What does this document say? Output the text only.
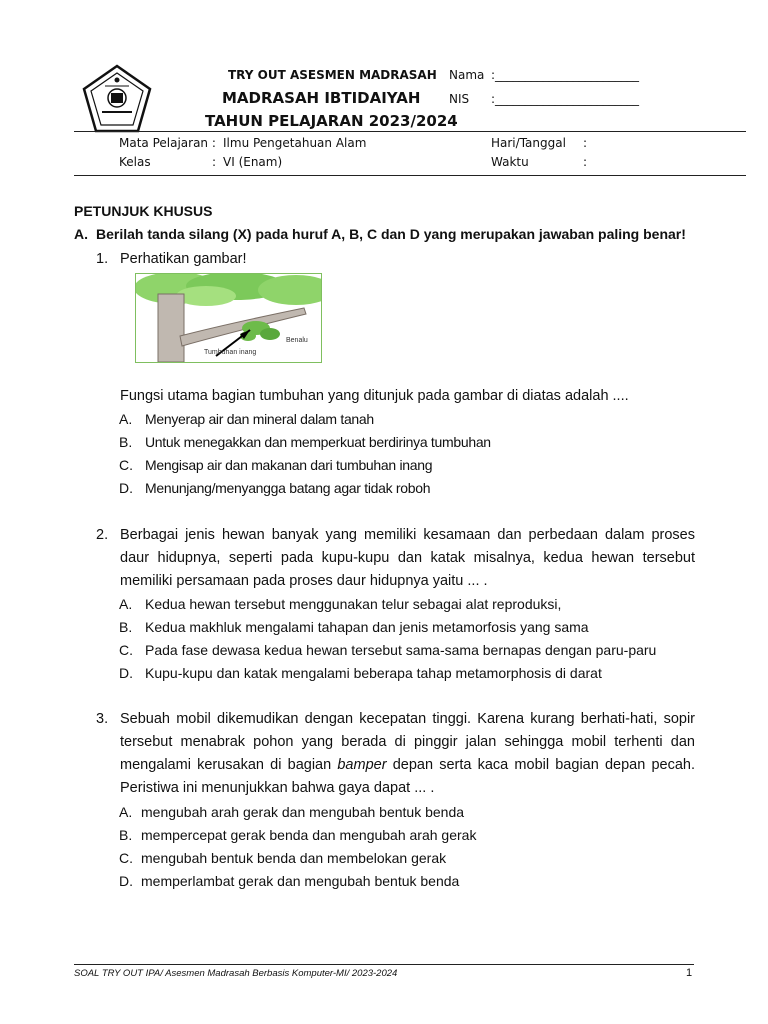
TRY OUT ASESMEN MADRASAH
MADRASAH IBTIDAIYAH
TAHUN PELAJARAN 2023/2024
Nama :________________________
NIS :________________________
Mata Pelajaran : Ilmu Pengetahuan Alam
Kelas	: VI (Enam)
Hari/Tanggal :
Waktu	:
PETUNJUK KHUSUS
A. Berilah tanda silang (X) pada huruf A, B, C dan D yang merupakan jawaban paling benar!
1. Perhatikan gambar!
Tumbuhan inang
Benalu
Fungsi utama bagian tumbuhan yang ditunjuk pada gambar di diatas adalah ....
A. Menyerap air dan mineral dalam tanah
B. Untuk menegakkan dan memperkuat berdirinya tumbuhan
C. Mengisap air dan makanan dari tumbuhan inang
D. Menunjang/menyangga batang agar tidak roboh
2. Berbagai jenis hewan banyak yang memiliki kesamaan dan perbedaan dalam proses daur hidupnya, seperti pada kupu-kupu dan katak misalnya, kedua hewan tersebut memiliki persamaan pada proses daur hidupnya yaitu ... .
A. Kedua hewan tersebut menggunakan telur sebagai alat reproduksi,
B. Kedua makhluk mengalami tahapan dan jenis metamorfosis yang sama
C. Pada fase dewasa kedua hewan tersebut sama-sama bernapas dengan paru-paru
D. Kupu-kupu dan katak mengalami beberapa tahap metamorphosis di darat
3. Sebuah mobil dikemudikan dengan kecepatan tinggi. Karena kurang berhati-hati, sopir tersebut menabrak pohon yang berada di pinggir jalan sehingga mobil terhenti dan mengalami kerusakan di bagian bamper depan serta kaca mobil bagian depan pecah. Peristiwa ini menunjukkan bahwa gaya dapat ... .
A. mengubah arah gerak dan mengubah bentuk benda
B. mempercepat gerak benda dan mengubah arah gerak
C. mengubah bentuk benda dan membelokan gerak
D. memperlambat gerak dan mengubah bentuk benda
SOAL TRY OUT IPA/ Asesmen Madrasah Berbasis Komputer-MI/ 2023-2024	1
